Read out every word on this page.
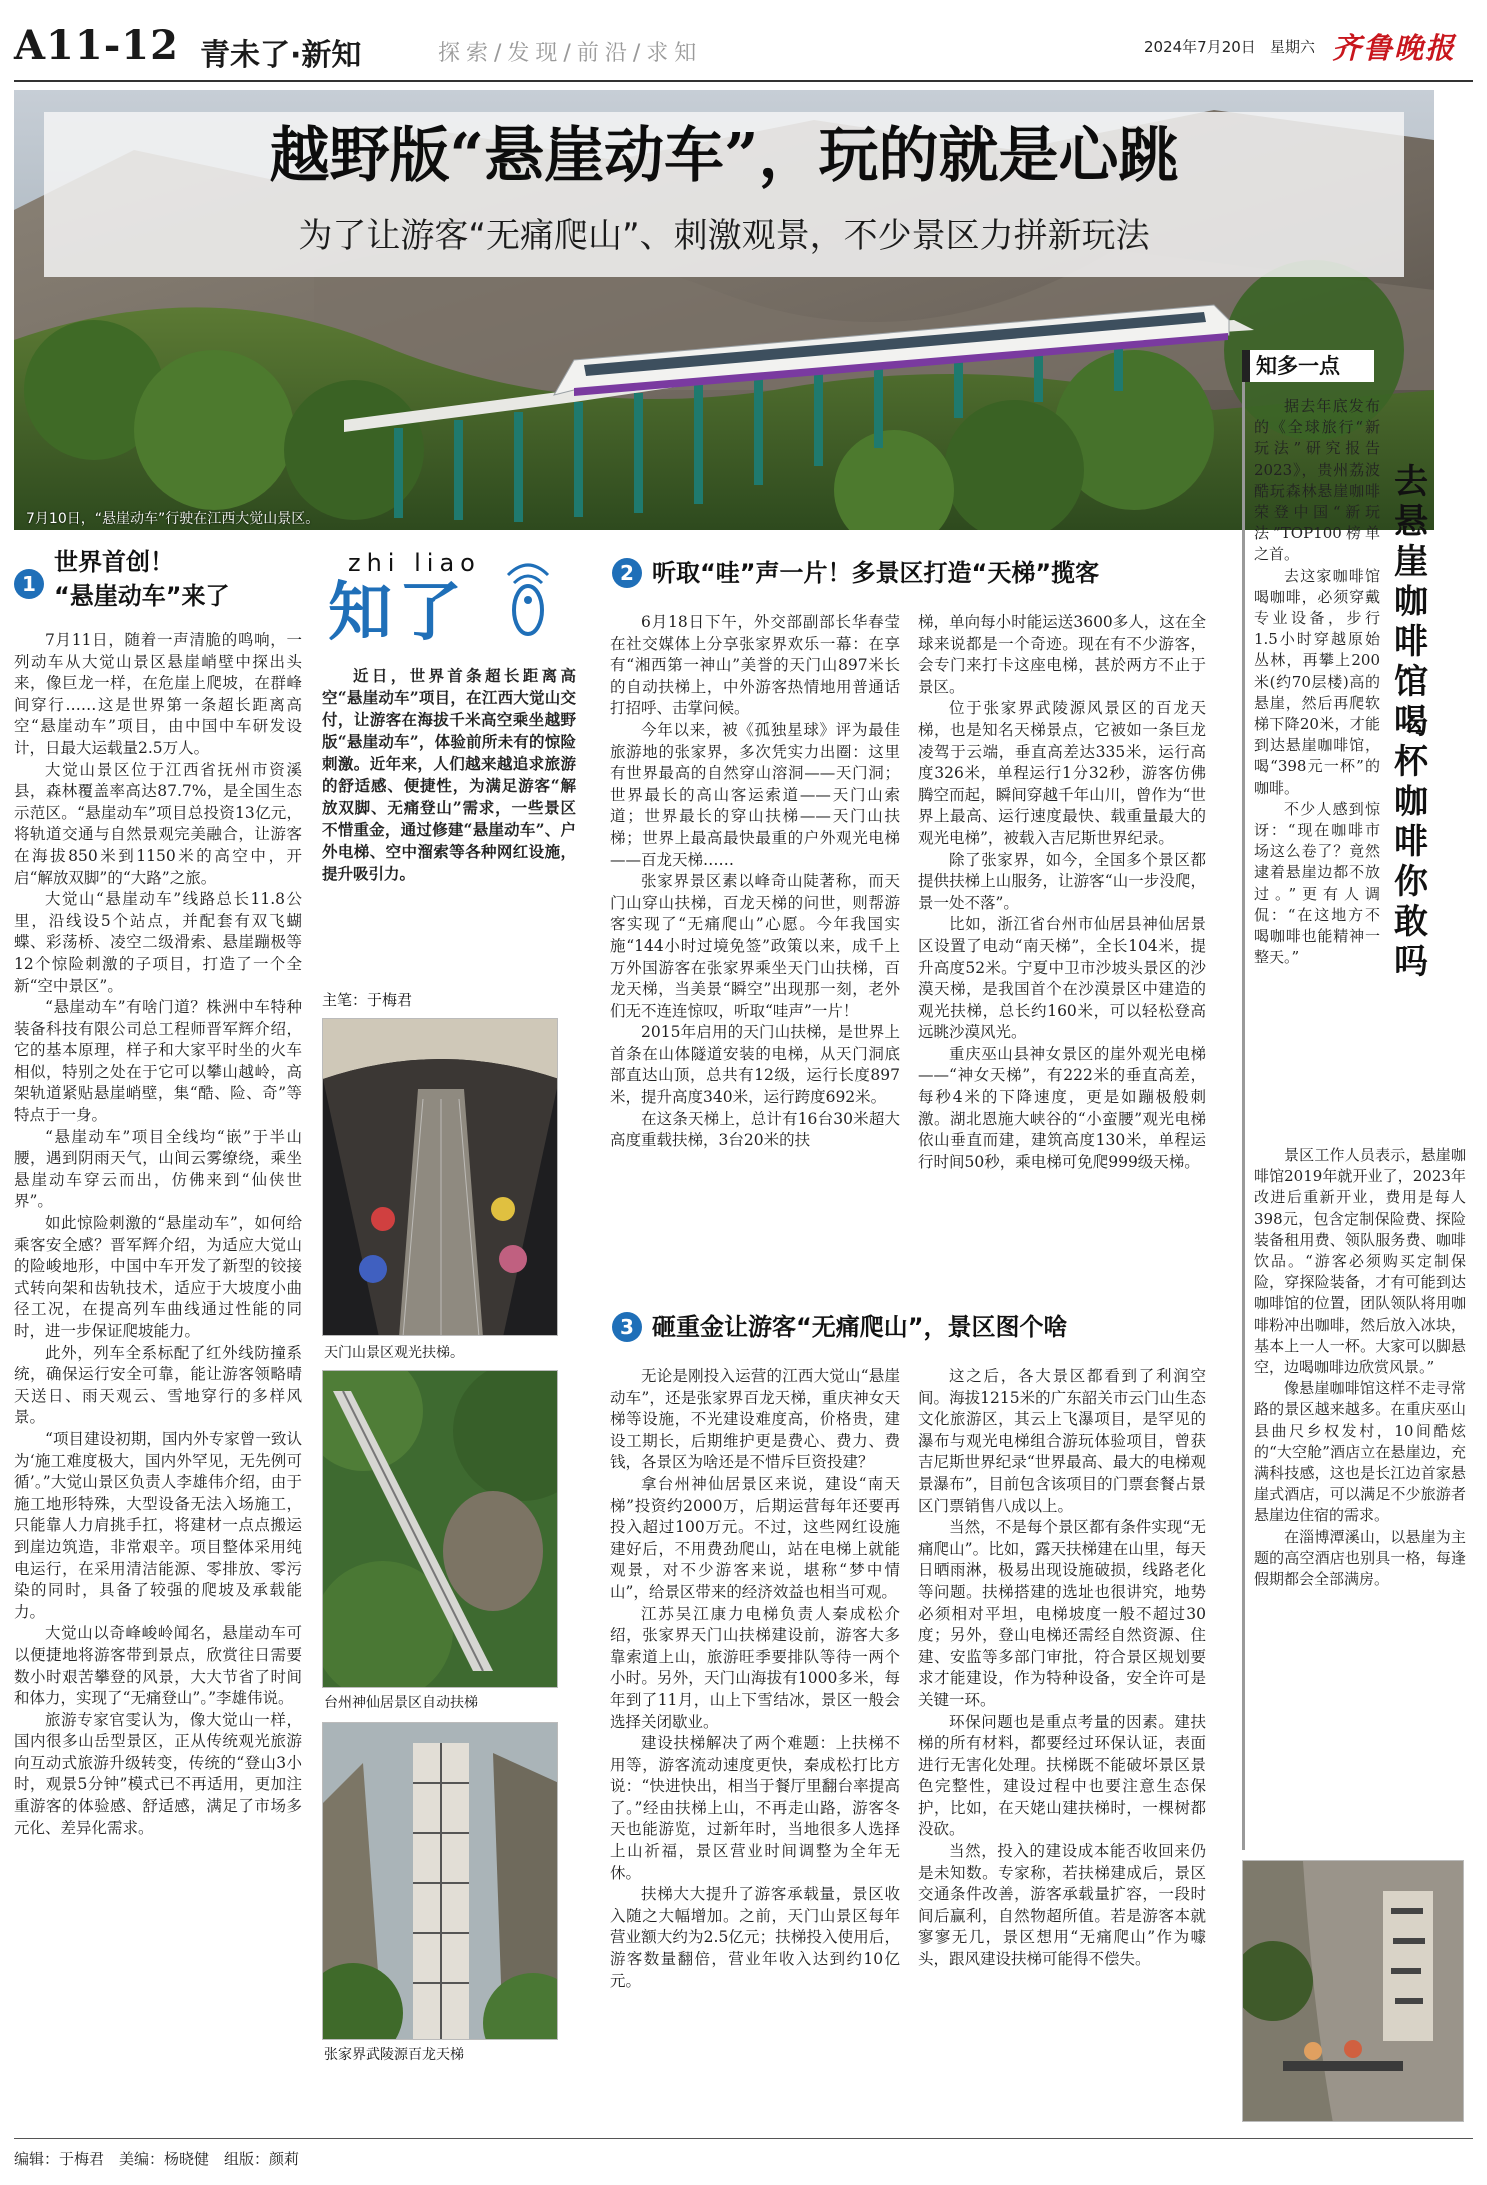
A11-12 青未了·新知	探索/发现/前沿/求知	2024年7月20日 星期六 齐鲁晚报
越野版“悬崖动车”，玩的就是心跳
为了让游客“无痛爬山”、刺激观景，不少景区力拼新玩法
7月10日，“悬崖动车”行驶在江西大觉山景区。
知多一点
去悬崖咖啡馆喝杯咖啡　你敢吗

据去年底发布的《全球旅行“新玩法”研究报告2023》，贵州荔波酷玩森林悬崖咖啡荣登中国“新玩法”TOP100榜单之首。

去这家咖啡馆喝咖啡，必须穿戴专业设备，步行1.5小时穿越原始丛林，再攀上200米(约70层楼)高的悬崖，然后再爬软梯下降20米，才能到达悬崖咖啡馆，喝“398元一杯”的咖啡。

不少人感到惊讶：“现在咖啡市场这么卷了？竟然逮着悬崖边都不放过。”更有人调侃：“在这地方不喝咖啡也能精神一整天。”

景区工作人员表示，悬崖咖啡馆2019年就开业了，2023年改进后重新开业，费用是每人398元，包含定制保险费、探险装备租用费、领队服务费、咖啡饮品。“游客必须购买定制保险，穿探险装备，才有可能到达咖啡馆的位置，团队领队将用咖啡粉冲出咖啡，然后放入冰块，基本上一人一杯。大家可以脚悬空，边喝咖啡边欣赏风景。”

像悬崖咖啡馆这样不走寻常路的景区越来越多。在重庆巫山县曲尺乡权发村，10间酷炫的“大空舱”酒店立在悬崖边，充满科技感，这也是长江边首家悬崖式酒店，可以满足不少旅游者悬崖边住宿的需求。

在淄博潭溪山，以悬崖为主题的高空酒店也别具一格，每逢假期都会全部满房。

1
世界首创！
“悬崖动车”来了

7月11日，随着一声清脆的鸣响，一列动车从大觉山景区悬崖峭壁中探出头来，像巨龙一样，在危崖上爬坡，在群峰间穿行……这是世界第一条超长距离高空“悬崖动车”项目，由中国中车研发设计，日最大运载量2.5万人。

大觉山景区位于江西省抚州市资溪县，森林覆盖率高达87.7%，是全国生态示范区。“悬崖动车”项目总投资13亿元，将轨道交通与自然景观完美融合，让游客在海拔850米到1150米的高空中，开启“解放双脚”的“大路”之旅。

大觉山“悬崖动车”线路总长11.8公里，沿线设5个站点，并配套有双飞蝴蝶、彩荡桥、凌空二级滑索、悬崖蹦极等12个惊险刺激的子项目，打造了一个全新“空中景区”。

“悬崖动车”有啥门道？株洲中车特种装备科技有限公司总工程师晋军辉介绍，它的基本原理，样子和大家平时坐的火车相似，特别之处在于它可以攀山越岭，高架轨道紧贴悬崖峭壁，集“酷、险、奇”等特点于一身。

“悬崖动车”项目全线均“嵌”于半山腰，遇到阴雨天气，山间云雾缭绕，乘坐悬崖动车穿云而出，仿佛来到“仙侠世界”。

如此惊险刺激的“悬崖动车”，如何给乘客安全感？晋军辉介绍，为适应大觉山的险峻地形，中国中车开发了新型的铰接式转向架和齿轨技术，适应于大坡度小曲径工况，在提高列车曲线通过性能的同时，进一步保证爬坡能力。

此外，列车全系标配了红外线防撞系统，确保运行安全可靠，能让游客领略晴天送日、雨天观云、雪地穿行的多样风景。

“项目建设初期，国内外专家曾一致认为‘施工难度极大，国内外罕见，无先例可循’。”大觉山景区负责人李雄伟介绍，由于施工地形特殊，大型设备无法入场施工，只能靠人力肩挑手扛，将建材一点点搬运到崖边筑造，非常艰辛。项目整体采用纯电运行，在采用清洁能源、零排放、零污染的同时，具备了较强的爬坡及承载能力。

大觉山以奇峰峻岭闻名，悬崖动车可以便捷地将游客带到景点，欣赏往日需要数小时艰苦攀登的风景，大大节省了时间和体力，实现了“无痛登山”。”李雄伟说。

旅游专家官雯认为，像大觉山一样，国内很多山岳型景区，正从传统观光旅游向互动式旅游升级转变，传统的“登山3小时，观景5分钟”模式已不再适用，更加注重游客的体验感、舒适感，满足了市场多元化、差异化需求。

zhi liao
知了

近日，世界首条超长距离高空“悬崖动车”项目，在江西大觉山交付，让游客在海拔千米高空乘坐越野版“悬崖动车”，体验前所未有的惊险刺激。近年来，人们越来越追求旅游的舒适感、便捷性，为满足游客“解放双脚、无痛登山”需求，一些景区不惜重金，通过修建“悬崖动车”、户外电梯、空中溜索等各种网红设施，提升吸引力。

主笔：于梅君
天门山景区观光扶梯。
台州神仙居景区自动扶梯
张家界武陵源百龙天梯
2 听取“哇”声一片！多景区打造“天梯”揽客

6月18日下午，外交部副部长华春莹在社交媒体上分享张家界欢乐一幕：在享有“湘西第一神山”美誉的天门山897米长的自动扶梯上，中外游客热情地用普通话打招呼、击掌问候。

今年以来，被《孤独星球》评为最佳旅游地的张家界，多次凭实力出圈：这里有世界最高的自然穿山溶洞——天门洞；世界最长的高山客运索道——天门山索道；世界最长的穿山扶梯——天门山扶梯；世界上最高最快最重的户外观光电梯——百龙天梯……

张家界景区素以峰奇山陡著称，而天门山穿山扶梯，百龙天梯的问世，则帮游客实现了“无痛爬山”心愿。今年我国实施“144小时过境免签”政策以来，成千上万外国游客在张家界乘坐天门山扶梯，百龙天梯，当美景“瞬空”出现那一刻，老外们无不连连惊叹，听取“哇声”一片！

2015年启用的天门山扶梯，是世界上首条在山体隧道安装的电梯，从天门洞底部直达山顶，总共有12级，运行长度897米，提升高度340米，运行跨度692米。

在这条天梯上，总计有16台30米超大高度重载扶梯，3台20米的扶

梯，单向每小时能运送3600多人，这在全球来说都是一个奇迹。现在有不少游客，会专门来打卡这座电梯，甚於两方不止于景区。

位于张家界武陵源风景区的百龙天梯，也是知名天梯景点，它被如一条巨龙凌驾于云端，垂直高差达335米，运行高度326米，单程运行1分32秒，游客仿佛腾空而起，瞬间穿越千年山川，曾作为“世界上最高、运行速度最快、载重量最大的观光电梯”，被载入吉尼斯世界纪录。

除了张家界，如今，全国多个景区都提供扶梯上山服务，让游客“山一步没爬，景一处不落”。

比如，浙江省台州市仙居县神仙居景区设置了电动“南天梯”，全长104米，提升高度52米。宁夏中卫市沙坡头景区的沙漠天梯，是我国首个在沙漠景区中建造的观光扶梯，总长约160米，可以轻松登高远眺沙漠风光。

重庆巫山县神女景区的崖外观光电梯——“神女天梯”，有222米的垂直高差，每秒4米的下降速度，更是如蹦极般刺激。湖北恩施大峡谷的“小蛮腰”观光电梯依山垂直而建，建筑高度130米，单程运行时间50秒，乘电梯可免爬999级天梯。

3 砸重金让游客“无痛爬山”，景区图个啥

无论是刚投入运营的江西大觉山“悬崖动车”，还是张家界百龙天梯，重庆神女天梯等设施，不光建设难度高，价格贵，建设工期长，后期维护更是费心、费力、费钱，各景区为啥还是不惜斥巨资投建？

拿台州神仙居景区来说，建设“南天梯”投资约2000万，后期运营每年还要再投入超过100万元。不过，这些网红设施建好后，不用费劲爬山，站在电梯上就能观景，对不少游客来说，堪称“梦中情山”，给景区带来的经济效益也相当可观。

江苏吴江康力电梯负责人秦成松介绍，张家界天门山扶梯建设前，游客大多靠索道上山，旅游旺季要排队等待一两个小时。另外，天门山海拔有1000多米，每年到了11月，山上下雪结冰，景区一般会选择关闭歇业。

建设扶梯解决了两个难题：上扶梯不用等，游客流动速度更快，秦成松打比方说：“快进快出，相当于餐厅里翻台率提高了。”经由扶梯上山，不再走山路，游客冬天也能游览，过新年时，当地很多人选择上山祈福，景区营业时间调整为全年无休。

扶梯大大提升了游客承载量，景区收入随之大幅增加。之前，天门山景区每年营业额大约为2.5亿元；扶梯投入使用后，游客数量翻倍，营业年收入达到约10亿元。

这之后，各大景区都看到了利润空间。海拔1215米的广东韶关市云门山生态文化旅游区，其云上飞瀑项目，是罕见的瀑布与观光电梯组合游玩体验项目，曾获吉尼斯世界纪录“世界最高、最大的电梯观景瀑布”，目前包含该项目的门票套餐占景区门票销售八成以上。

当然，不是每个景区都有条件实现“无痛爬山”。比如，露天扶梯建在山里，每天日晒雨淋，极易出现设施破损，线路老化等问题。扶梯搭建的选址也很讲究，地势必须相对平坦，电梯坡度一般不超过30度；另外，登山电梯还需经自然资源、住建、安监等多部门审批，符合景区规划要求才能建设，作为特种设备，安全许可是关键一环。

环保问题也是重点考量的因素。建扶梯的所有材料，都要经过环保认证，表面进行无害化处理。扶梯既不能破坏景区景色完整性，建设过程中也要注意生态保护，比如，在天姥山建扶梯时，一棵树都没砍。

当然，投入的建设成本能否收回来仍是未知数。专家称，若扶梯建成后，景区交通条件改善，游客承载量扩容，一段时间后赢利，自然物超所值。若是游客本就寥寥无几，景区想用“无痛爬山”作为噱头，跟风建设扶梯可能得不偿失。

编辑：于梅君　美编：杨晓健　组版：颜莉
